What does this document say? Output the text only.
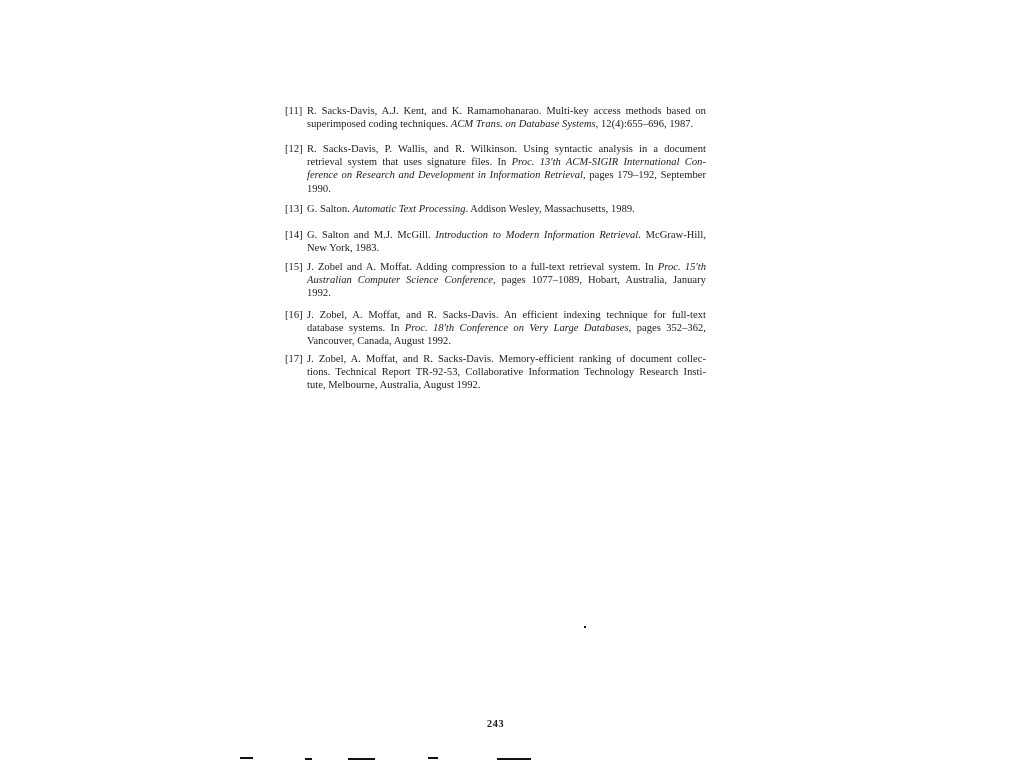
[11] R. Sacks-Davis, A.J. Kent, and K. Ramamohanarao. Multi-key access methods based on
superimposed coding techniques. ACM Trans. on Database Systems, 12(4):655–696, 1987.
[12] R. Sacks-Davis, P. Wallis, and R. Wilkinson. Using syntactic analysis in a document
retrieval system that uses signature files. In Proc. 13'th ACM-SIGIR International Con-
ference on Research and Development in Information Retrieval, pages 179–192, September
1990.
[13] G. Salton. Automatic Text Processing. Addison Wesley, Massachusetts, 1989.
[14] G. Salton and M.J. McGill. Introduction to Modern Information Retrieval. McGraw-Hill,
New York, 1983.
[15] J. Zobel and A. Moffat. Adding compression to a full-text retrieval system. In Proc. 15'th
Australian Computer Science Conference, pages 1077–1089, Hobart, Australia, January
1992.
[16] J. Zobel, A. Moffat, and R. Sacks-Davis. An efficient indexing technique for full-text
database systems. In Proc. 18'th Conference on Very Large Databases, pages 352–362,
Vancouver, Canada, August 1992.
[17] J. Zobel, A. Moffat, and R. Sacks-Davis. Memory-efficient ranking of document collec-
tions. Technical Report TR-92-53, Collaborative Information Technology Research Insti-
tute, Melbourne, Australia, August 1992.
243
